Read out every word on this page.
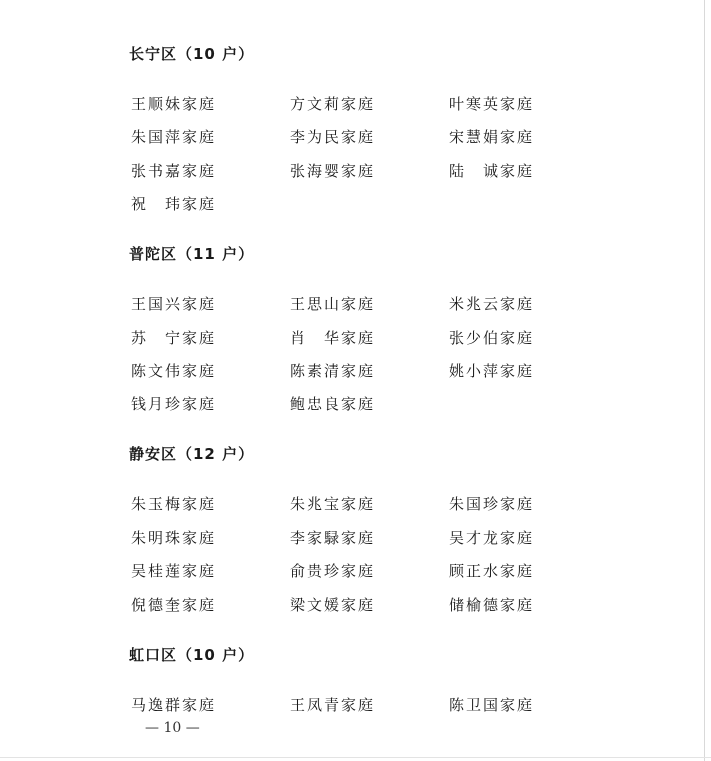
长宁区（10 户）
王顺妹家庭	方文莉家庭	叶寒英家庭
朱国萍家庭	李为民家庭	宋慧娟家庭
张书嘉家庭	张海婴家庭	陆　诚家庭
祝　玮家庭
普陀区（11 户）
王国兴家庭	王思山家庭	米兆云家庭
苏　宁家庭	肖　华家庭	张少伯家庭
陈文伟家庭	陈素清家庭	姚小萍家庭
钱月珍家庭	鲍忠良家庭
静安区（12 户）
朱玉梅家庭	朱兆宝家庭	朱国珍家庭
朱明珠家庭	李家騄家庭	吴才龙家庭
吴桂莲家庭	俞贵珍家庭	顾正水家庭
倪德奎家庭	梁文媛家庭	储榆德家庭
虹口区（10 户）
马逸群家庭	王凤青家庭	陈卫国家庭
— 10 —
